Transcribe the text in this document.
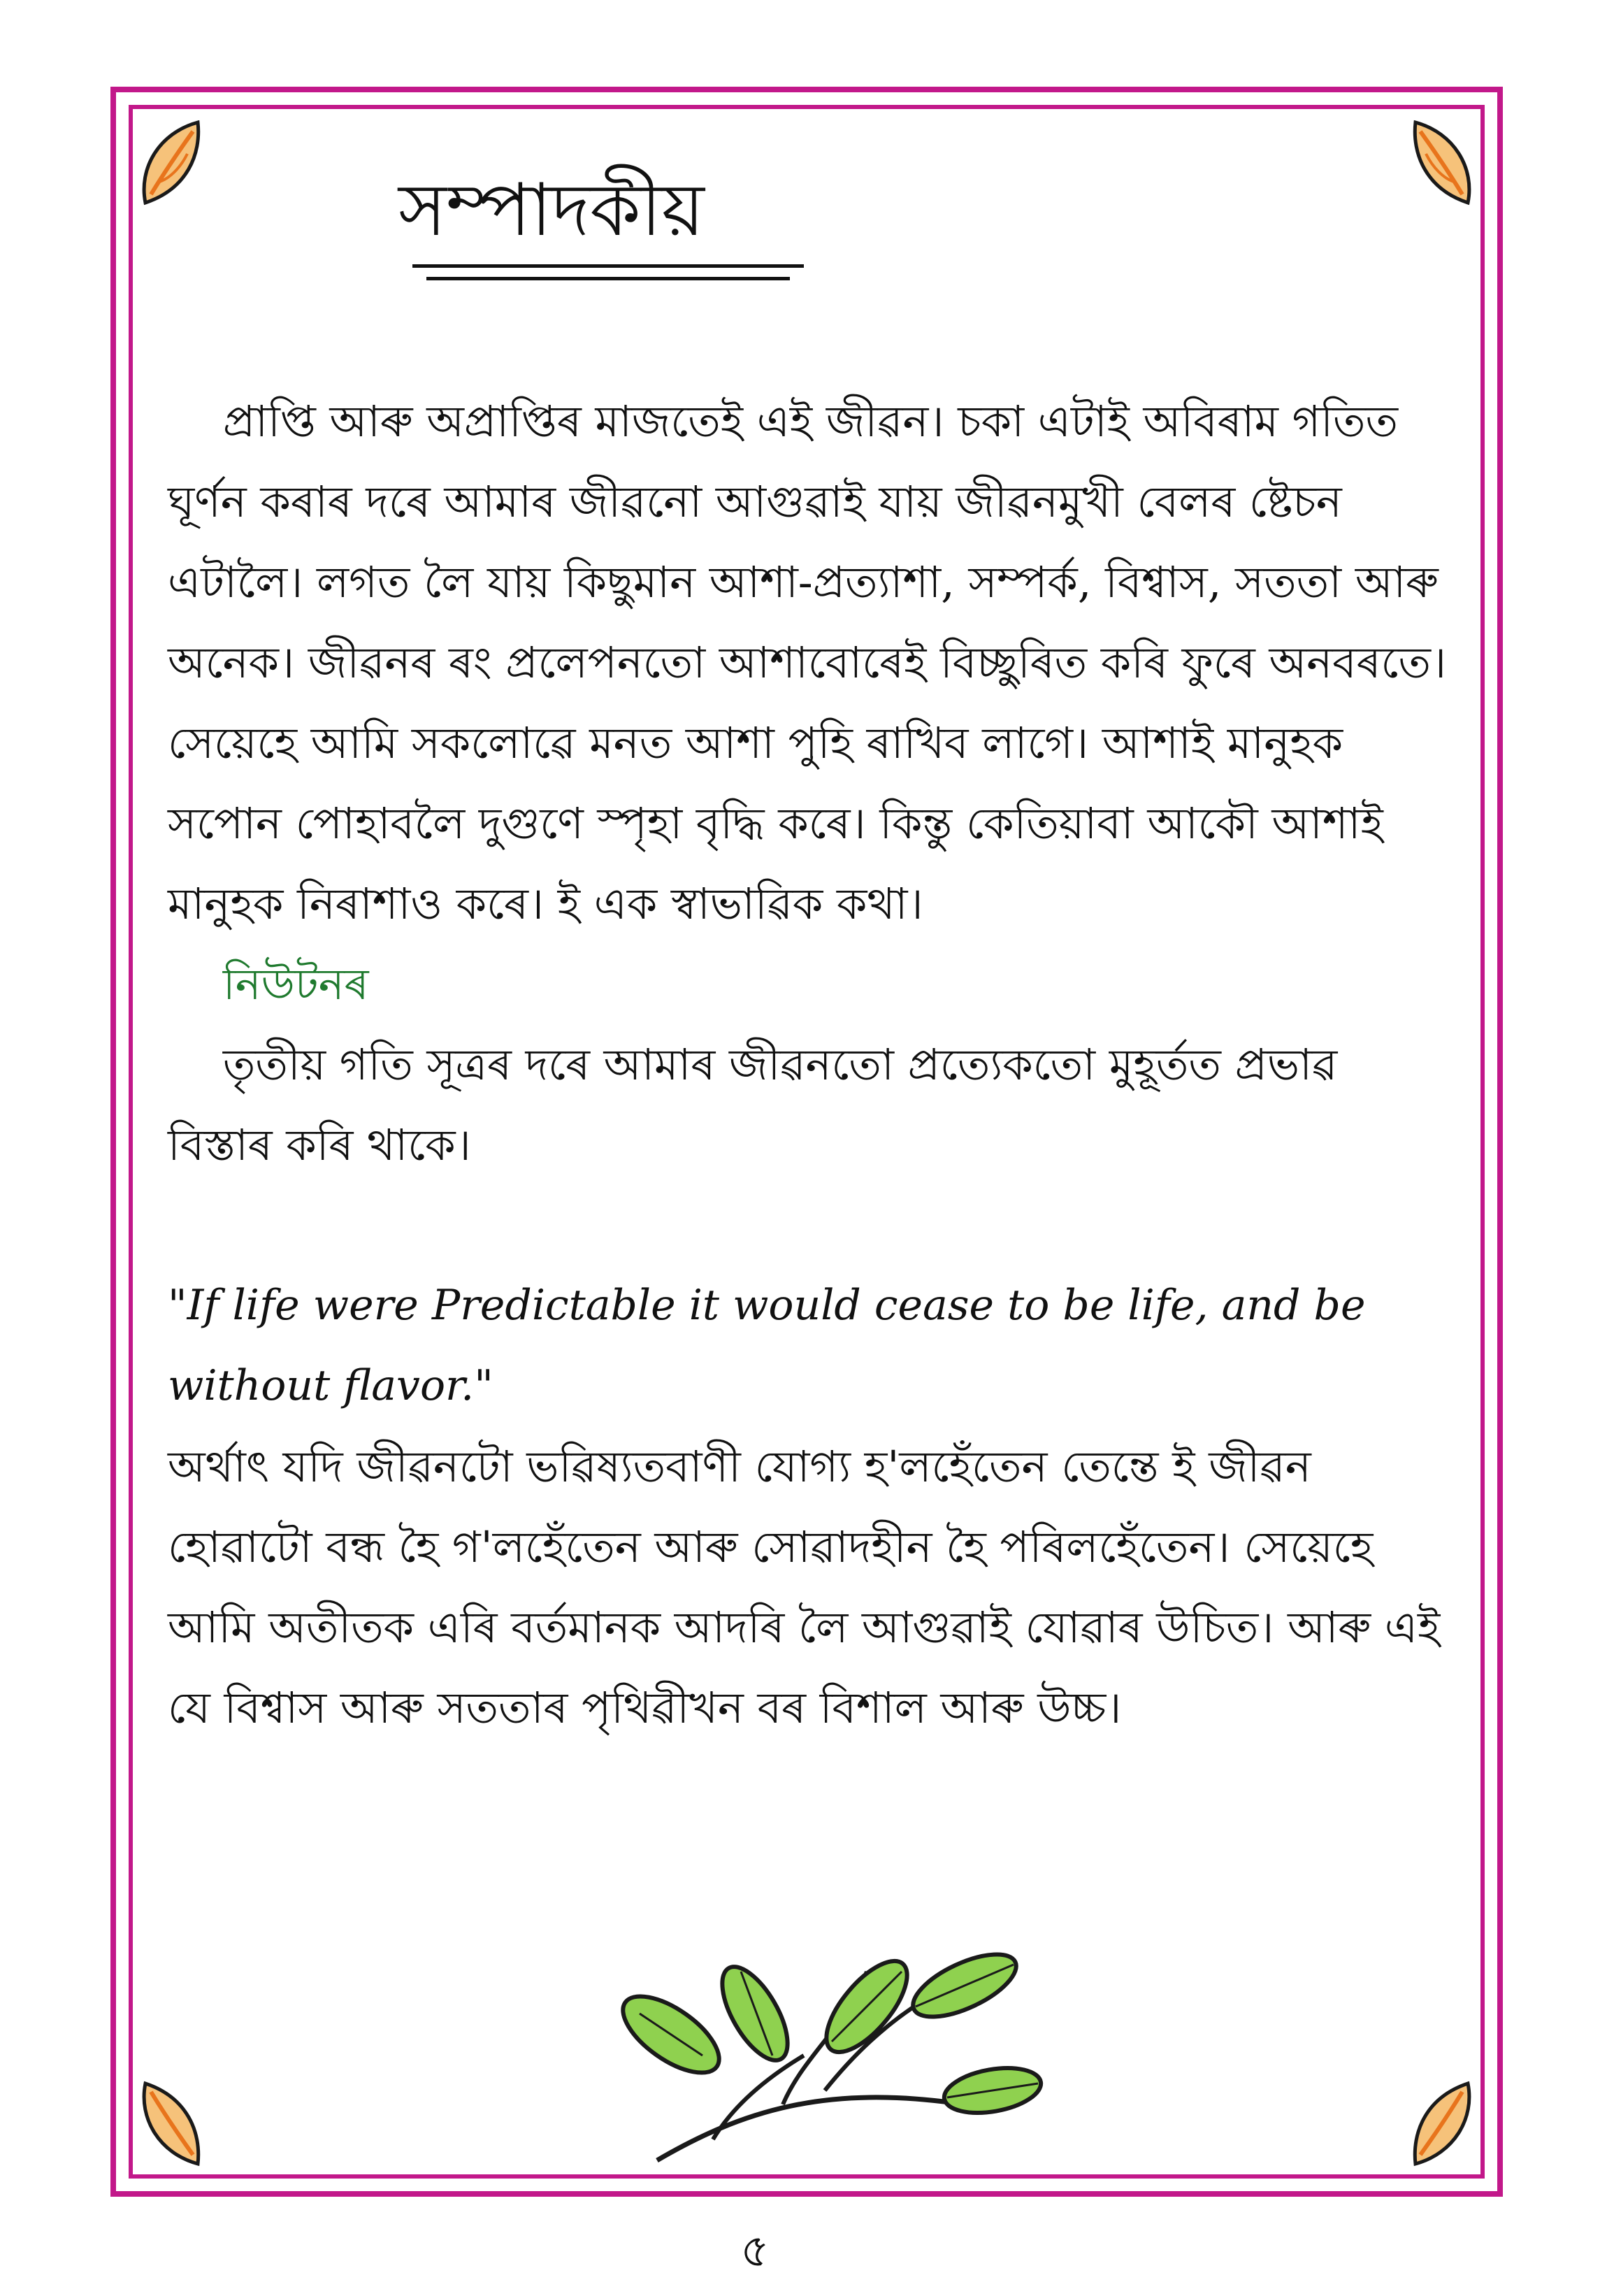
সম্পাদকীয়

প্ৰাপ্তি আৰু অপ্ৰাপ্তিৰ মাজতেই এই জীৱন। চকা এটাই অবিৰাম গতিত ঘূৰ্ণন কৰাৰ দৰে আমাৰ জীৱনো আগুৱাই যায় জীৱনমুখী বেলৰ ষ্টেচন এটালৈ। লগত লৈ যায় কিছুমান আশা-প্ৰত্যাশা, সম্পৰ্ক, বিশ্বাস, সততা আৰু অনেক। জীৱনৰ ৰং প্ৰলেপনতো আশাবোৰেই বিচ্ছুৰিত কৰি ফুৰে অনবৰতে। সেয়েহে আমি সকলোৱে মনত আশা পুহি ৰাখিব লাগে। আশাই মানুহক সপোন পোহাবলৈ দুগুণে স্পৃহা বৃদ্ধি কৰে। কিন্তু কেতিয়াবা আকৌ আশাই মানুহক নিৰাশাও কৰে। ই এক স্বাভাৱিক কথা।
নিউটনৰ
তৃতীয় গতি সূত্ৰৰ দৰে আমাৰ জীৱনতো প্ৰত্যেকতো মুহূৰ্তত প্ৰভাৱ বিস্তাৰ কৰি থাকে।

"If life were Predictable it would cease to be life, and be without flavor."

অৰ্থাৎ যদি জীৱনটো ভৱিষ্যতবাণী যোগ্য হ'লহেঁতেন তেন্তে ই জীৱন হোৱাটো বন্ধ হৈ গ'লহেঁতেন আৰু সোৱাদহীন হৈ পৰিলহেঁতেন। সেয়েহে আমি অতীতক এৰি বৰ্তমানক আদৰি লৈ আগুৱাই যোৱাৰ উচিত। আৰু এই যে বিশ্বাস আৰু সততাৰ পৃথিৱীখন বৰ বিশাল আৰু উচ্চ।

৫
